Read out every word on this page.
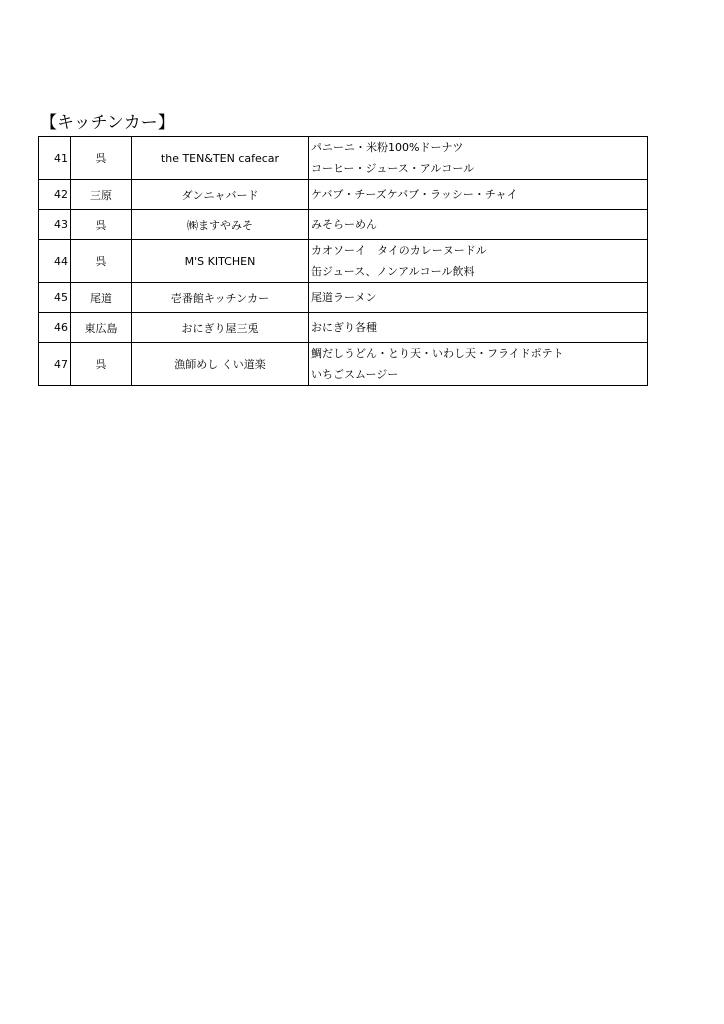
【キッチンカー】
41	呉	the TEN&TEN cafecar	パニーニ・米粉100%ドーナツ
コーヒー・ジュース・アルコール

42	三原	ダンニャバード	ケバブ・チーズケバブ・ラッシー・チャイ

43	呉	㈱ますやみそ	みそらーめん

44	呉	M'S KITCHEN	カオソーイ　タイのカレーヌードル
缶ジュース、ノンアルコール飲料

45	尾道	壱番館キッチンカー	尾道ラーメン

46	東広島	おにぎり屋三兎	おにぎり各種

47	呉	漁師めし くい道楽	鯛だしうどん・とり天・いわし天・フライドポテト
いちごスムージー
